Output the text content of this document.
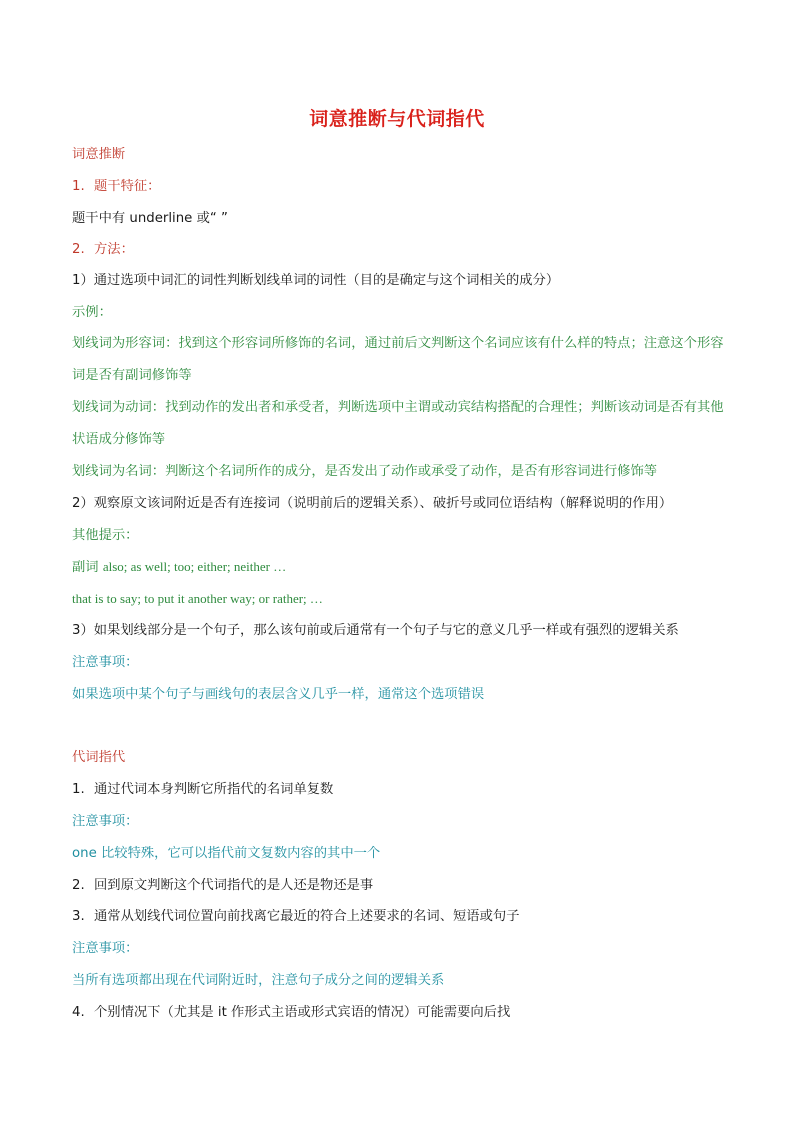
词意推断与代词指代
词意推断
1. 题干特征：
题干中有 underline 或“ ”
2. 方法：
1）通过选项中词汇的词性判断划线单词的词性（目的是确定与这个词相关的成分）
示例：
划线词为形容词：找到这个形容词所修饰的名词，通过前后文判断这个名词应该有什么样的特点；注意这个形容词是否有副词修饰等
划线词为动词：找到动作的发出者和承受者，判断选项中主谓或动宾结构搭配的合理性；判断该动词是否有其他状语成分修饰等
划线词为名词：判断这个名词所作的成分，是否发出了动作或承受了动作，是否有形容词进行修饰等
2）观察原文该词附近是否有连接词（说明前后的逻辑关系）、破折号或同位语结构（解释说明的作用）
其他提示：
副词 also; as well; too; either; neither …
that is to say; to put it another way; or rather; …
3）如果划线部分是一个句子，那么该句前或后通常有一个句子与它的意义几乎一样或有强烈的逻辑关系
注意事项：
如果选项中某个句子与画线句的表层含义几乎一样，通常这个选项错误
代词指代
1. 通过代词本身判断它所指代的名词单复数
注意事项：
one 比较特殊，它可以指代前文复数内容的其中一个
2. 回到原文判断这个代词指代的是人还是物还是事
3. 通常从划线代词位置向前找离它最近的符合上述要求的名词、短语或句子
注意事项：
当所有选项都出现在代词附近时，注意句子成分之间的逻辑关系
4. 个别情况下（尤其是 it 作形式主语或形式宾语的情况）可能需要向后找
